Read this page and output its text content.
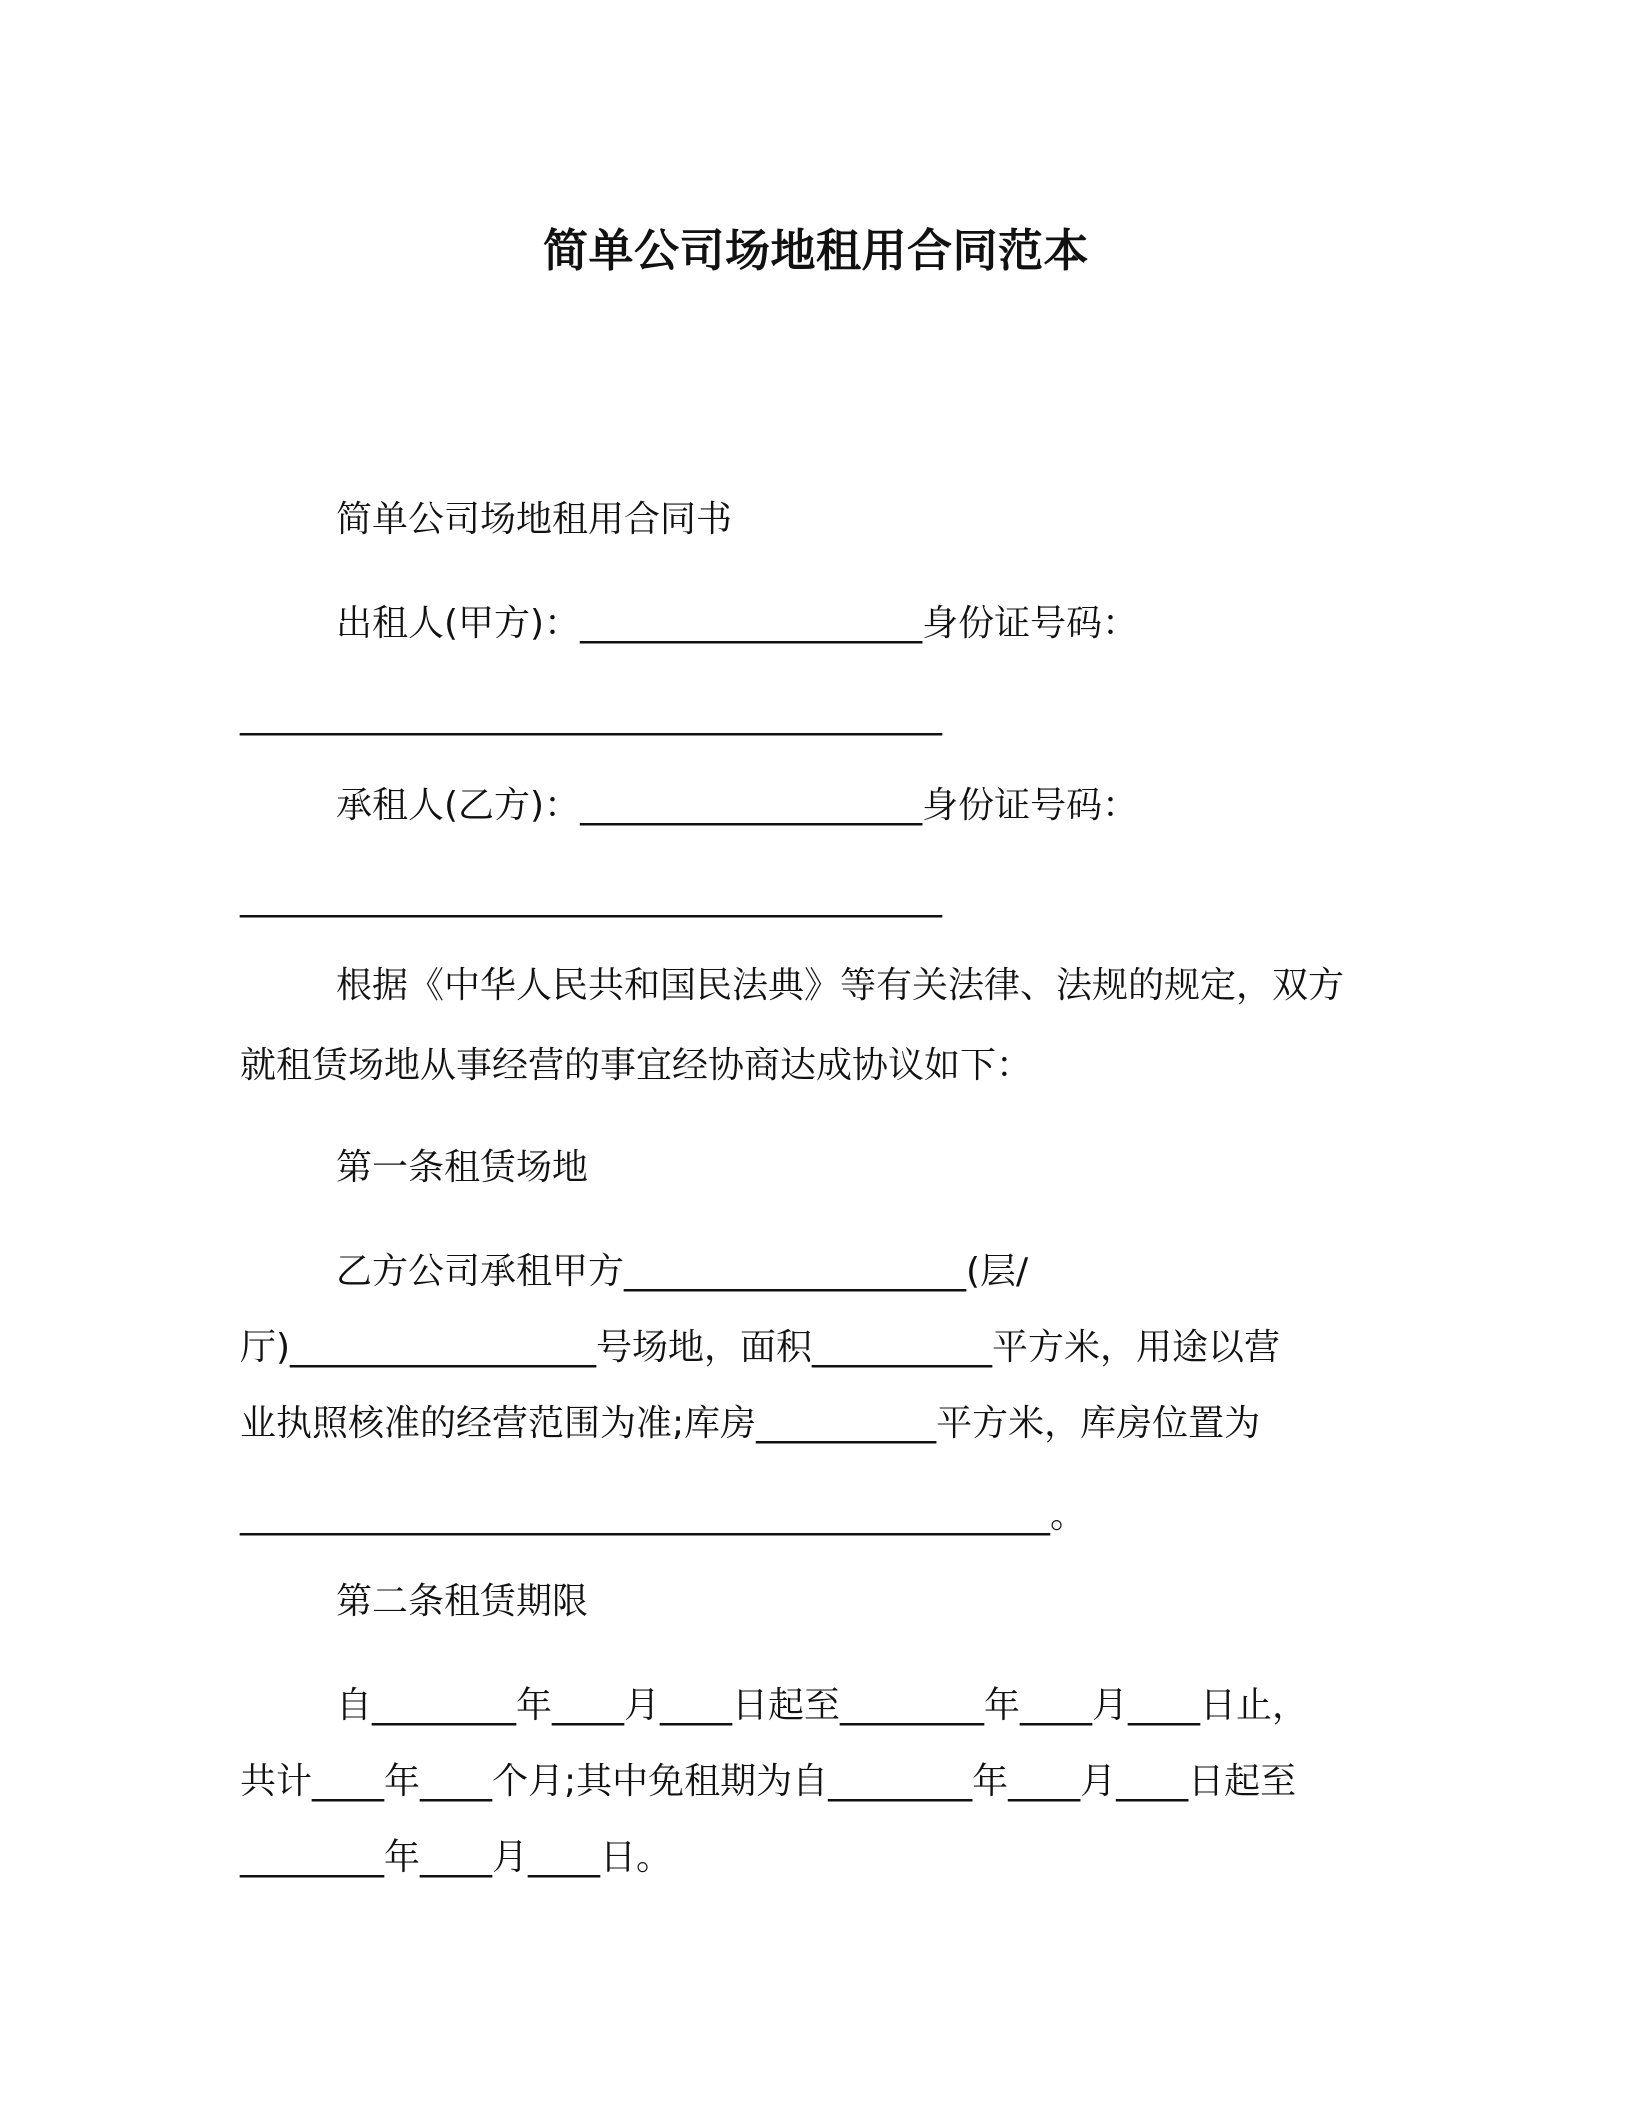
简单公司场地租用合同范本
简单公司场地租用合同书
出租人(甲方)：___________________身份证号码：
_______________________________________
承租人(乙方)：___________________身份证号码：
_______________________________________
根据《中华人民共和国民法典》等有关法律、法规的规定，双方
就租赁场地从事经营的事宜经协商达成协议如下：
第一条租赁场地
乙方公司承租甲方___________________(层/
厅)_________________号场地，面积__________平方米，用途以营
业执照核准的经营范围为准;库房__________平方米，库房位置为
_____________________________________________。
第二条租赁期限
自________年____月____日起至________年____月____日止，
共计____年____个月;其中免租期为自________年____月____日起至
________年____月____日。
